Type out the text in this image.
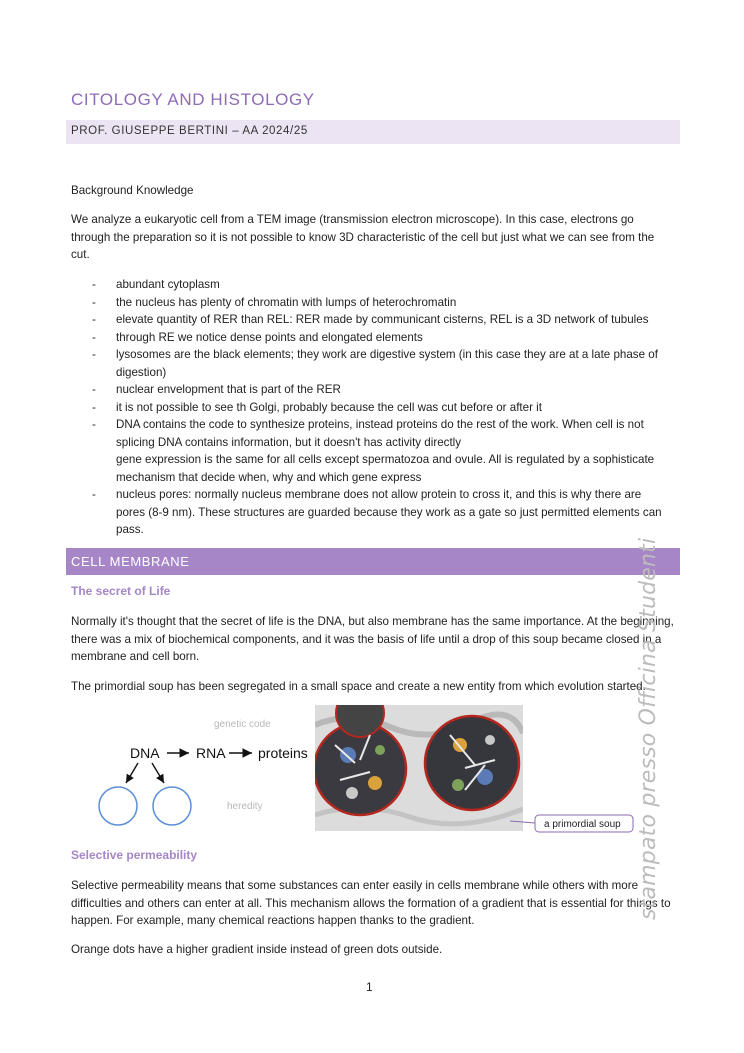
CITOLOGY AND HISTOLOGY
PROF. GIUSEPPE BERTINI – AA 2024/25
Background Knowledge
We analyze a eukaryotic cell from a TEM image (transmission electron microscope). In this case, electrons go through the preparation so it is not possible to know 3D characteristic of the cell but just what we can see from the cut.
- abundant cytoplasm
- the nucleus has plenty of chromatin with lumps of heterochromatin
- elevate quantity of RER than REL: RER made by communicant cisterns, REL is a 3D network of tubules
- through RE we notice dense points and elongated elements
- lysosomes are the black elements; they work are digestive system (in this case they are at a late phase of digestion)
- nuclear envelopment that is part of the RER
- it is not possible to see th Golgi, probably because the cell was cut before or after it
- DNA contains the code to synthesize proteins, instead proteins do the rest of the work. When cell is not splicing DNA contains information, but it doesn't has activity directly
gene expression is the same for all cells except spermatozoa and ovule. All is regulated by a sophisticate mechanism that decide when, why and which gene express
- nucleus pores: normally nucleus membrane does not allow protein to cross it, and this is why there are pores (8-9 nm). These structures are guarded because they work as a gate so just permitted elements can pass.
CELL MEMBRANE
The secret of Life
Normally it's thought that the secret of life is the DNA, but also membrane has the same importance. At the beginning, there was a mix of biochemical components, and it was the basis of life until a drop of this soup became closed in a membrane and cell born.
The primordial soup has been segregated in a small space and create a new entity from which evolution started.
genetic code
DNA	RNA proteins
heredity
a primordial soup
Selective permeability
Selective permeability means that some substances can enter easily in cells membrane while others with more difficulties and others can enter at all. This mechanism allows the formation of a gradient that is essential for things to happen. For example, many chemical reactions happen thanks to the gradient.
Orange dots have a higher gradient inside instead of green dots outside.
1
stampato presso Officina Studenti
